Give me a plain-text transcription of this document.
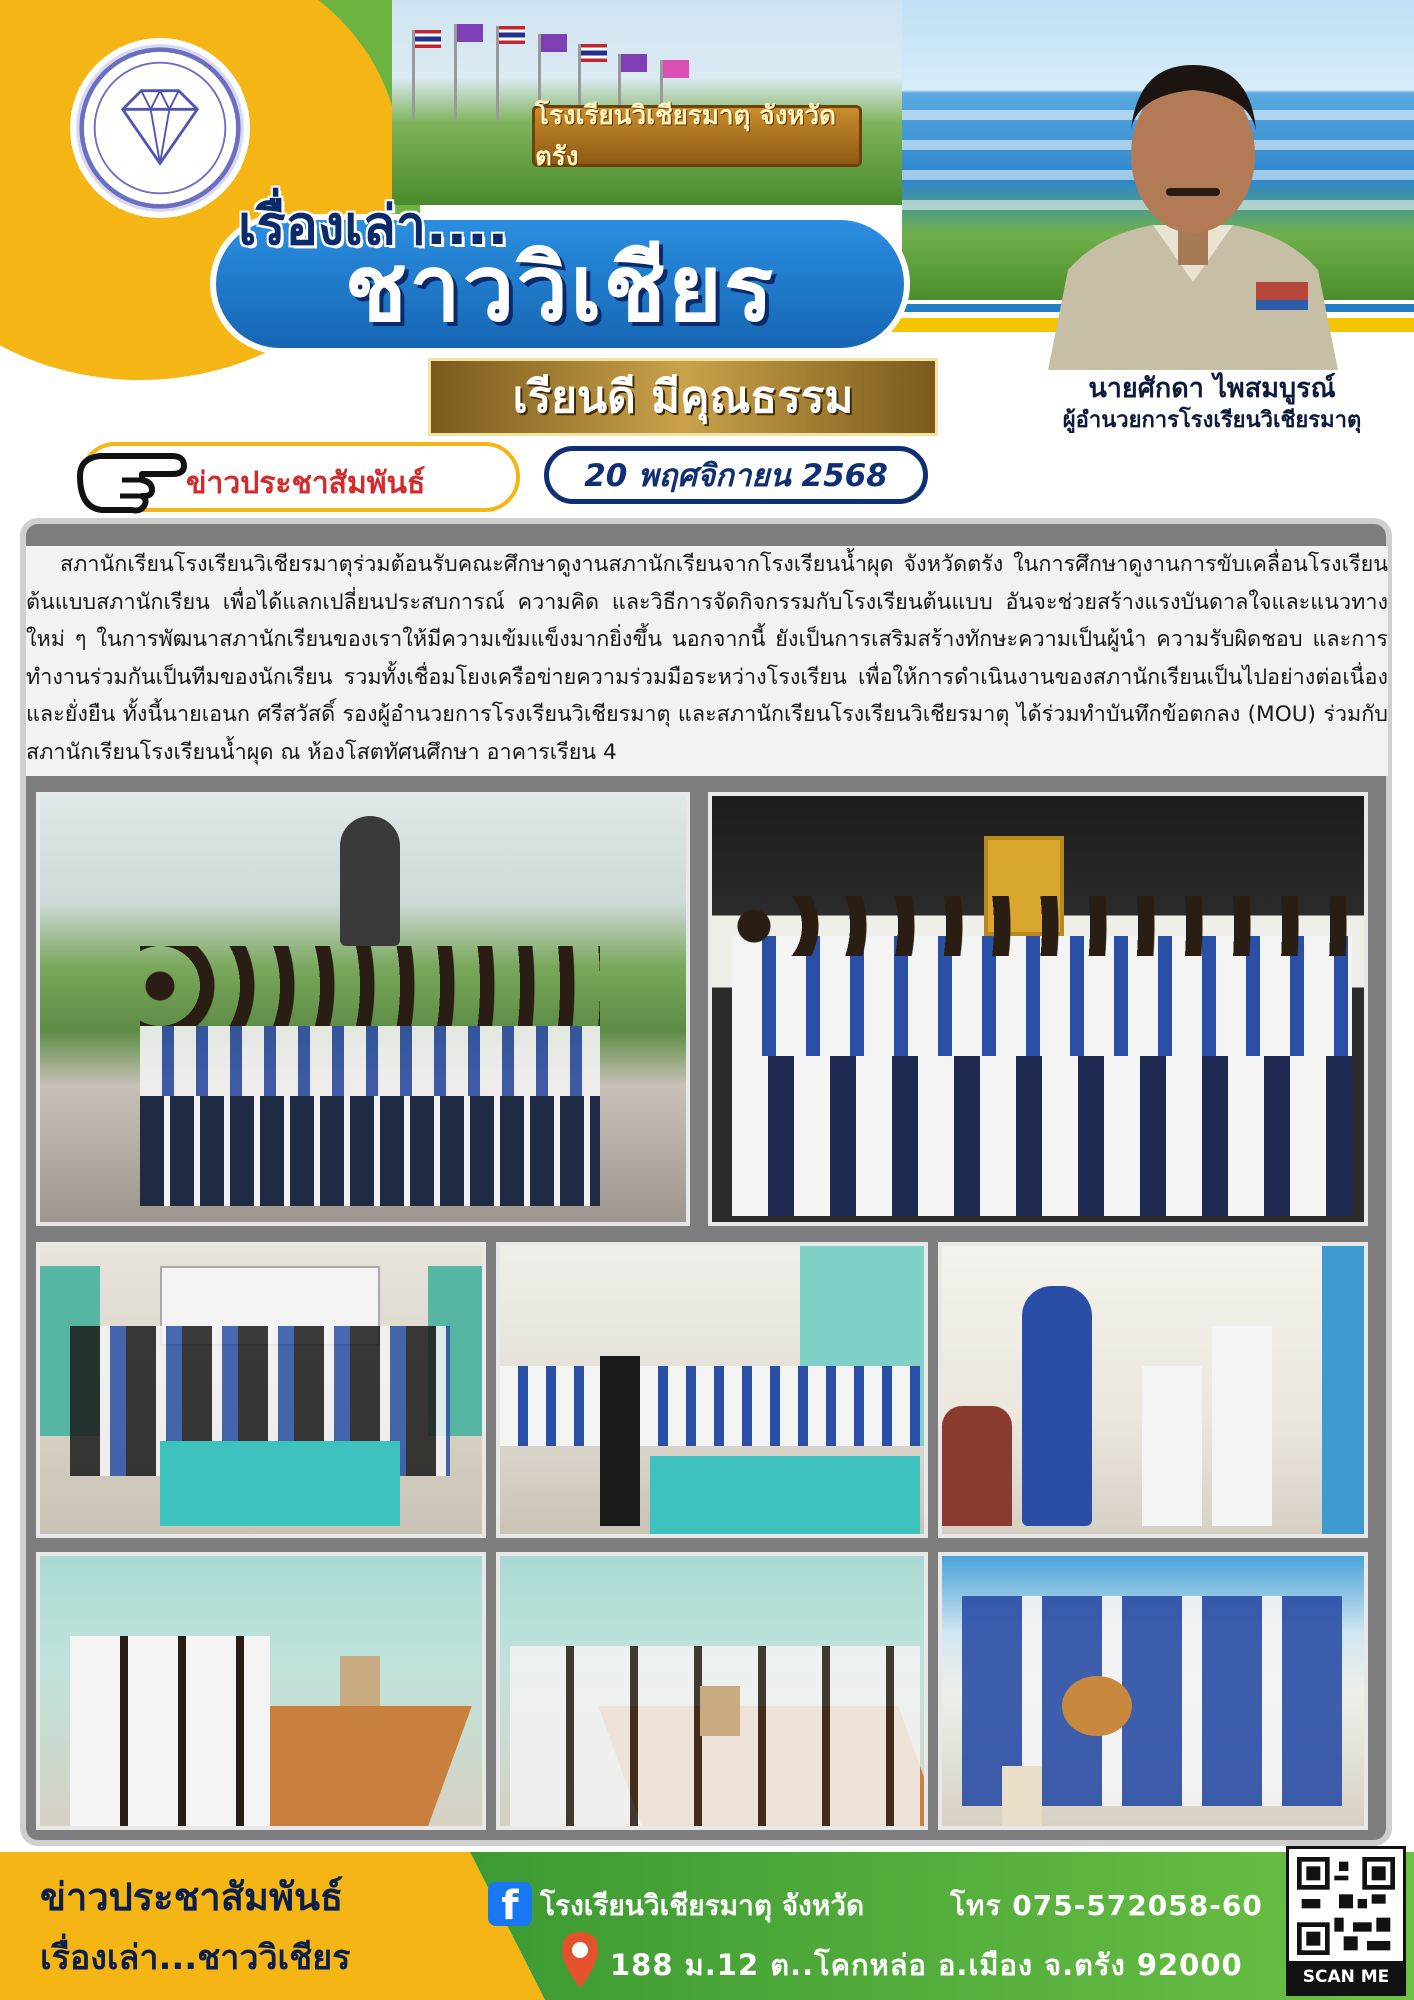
โรงเรียนวิเชียรมาตุ จังหวัดตรัง
นายศักดา ไพสมบูรณ์
ผู้อำนวยการโรงเรียนวิเชียรมาตุ
เรื่องเล่า....
ชาววิเชียร
เรียนดี มีคุณธรรม
ข่าวประชาสัมพันธ์	20 พฤศจิกายน 2568

สภานักเรียนโรงเรียนวิเชียรมาตุร่วมต้อนรับคณะศึกษาดูงานสภานักเรียนจากโรงเรียนน้ำผุด จังหวัดตรัง ในการศึกษาดูงานการขับเคลื่อนโรงเรียนต้นแบบสภานักเรียน เพื่อได้แลกเปลี่ยนประสบการณ์ ความคิด และวิธีการจัดกิจกรรมกับโรงเรียนต้นแบบ อันจะช่วยสร้างแรงบันดาลใจและแนวทางใหม่ ๆ ในการพัฒนาสภานักเรียนของเราให้มีความเข้มแข็งมากยิ่งขึ้น นอกจากนี้ ยังเป็นการเสริมสร้างทักษะความเป็นผู้นำ ความรับผิดชอบ และการทำงานร่วมกันเป็นทีมของนักเรียน รวมทั้งเชื่อมโยงเครือข่ายความร่วมมือระหว่างโรงเรียน เพื่อให้การดำเนินงานของสภานักเรียนเป็นไปอย่างต่อเนื่องและยั่งยืน ทั้งนี้นายเอนก ศรีสวัสดิ์ รองผู้อำนวยการโรงเรียนวิเชียรมาตุ และสภานักเรียนโรงเรียนวิเชียรมาตุ ได้ร่วมทำบันทึกข้อตกลง (MOU) ร่วมกับสภานักเรียนโรงเรียนน้ำผุด ณ ห้องโสตทัศนศึกษา อาคารเรียน 4

ข่าวประชาสัมพันธ์
เรื่องเล่า...ชาววิเชียร
f โรงเรียนวิเชียรมาตุ จังหวัด	โทร 075-572058-60
188 ม.12 ต..โคกหล่อ อ.เมือง จ.ตรัง 92000	SCAN ME
